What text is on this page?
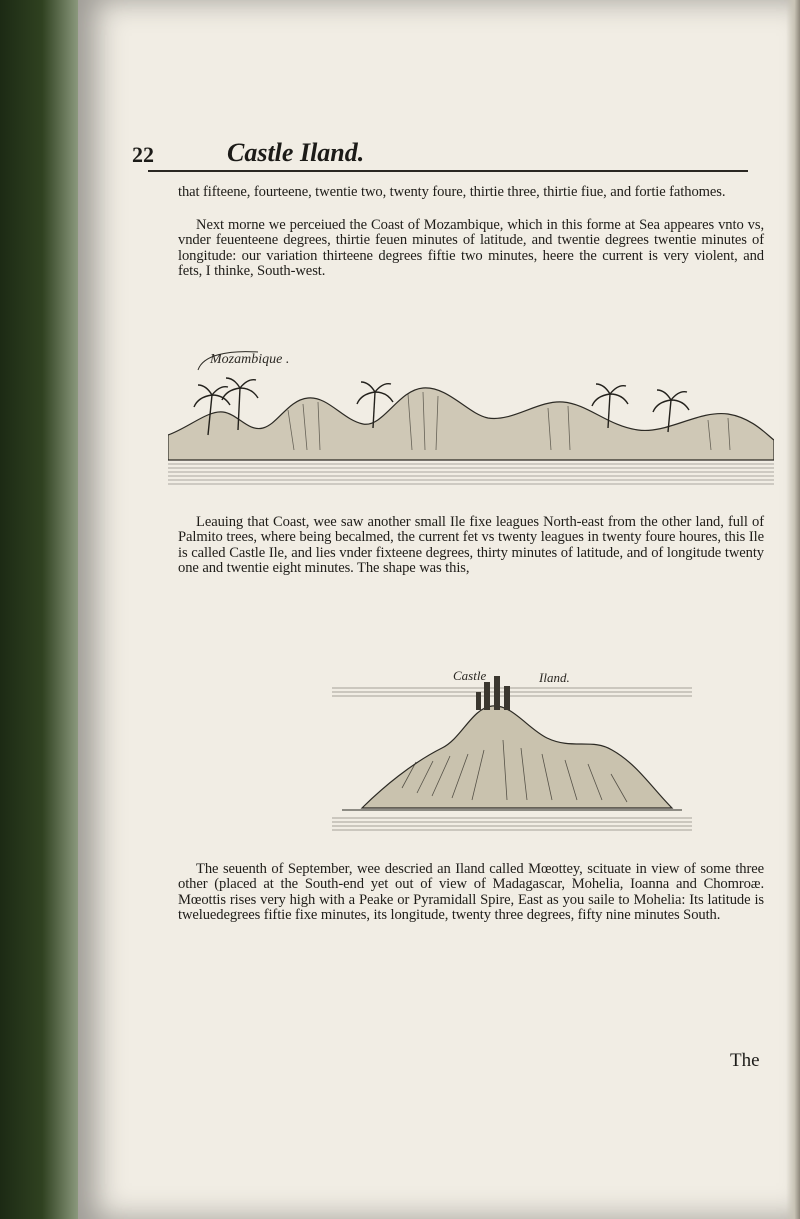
22	Castle Iland.

that fifteene, fourteene, twentie two, twenty foure, thirtie three, thirtie fiue, and fortie fathomes.

Next morne we perceiued the Coast of Mozambique, which in this forme at Sea appeares vnto vs, vnder feuenteene degrees, thirtie feuen minutes of latitude, and twentie degrees twentie minutes of longitude: our variation thirteene degrees fiftie two minutes, heere the current is very violent, and fets, I thinke, South-west.

Mozambique .

Leauing that Coast, wee saw another small Ile fixe leagues North-east from the other land, full of Palmito trees, where being becalmed, the current fet vs twenty leagues in twenty foure houres, this Ile is called Castle Ile, and lies vnder fixteene degrees, thirty minutes of latitude, and of longitude twenty one and twentie eight minutes. The shape was this,

Castle	Iland.

The seuenth of September, wee descried an Iland called Mœottey, scituate in view of some three other (placed at the South-end yet out of view of Madagascar, Mohelia, Ioanna and Chomroæ. Mœottis rises very high with a Peake or Pyramidall Spire, East as you saile to Mohelia: Its latitude is tweluedegrees fiftie fixe minutes, its longitude, twenty three degrees, fifty nine minutes South.

The
